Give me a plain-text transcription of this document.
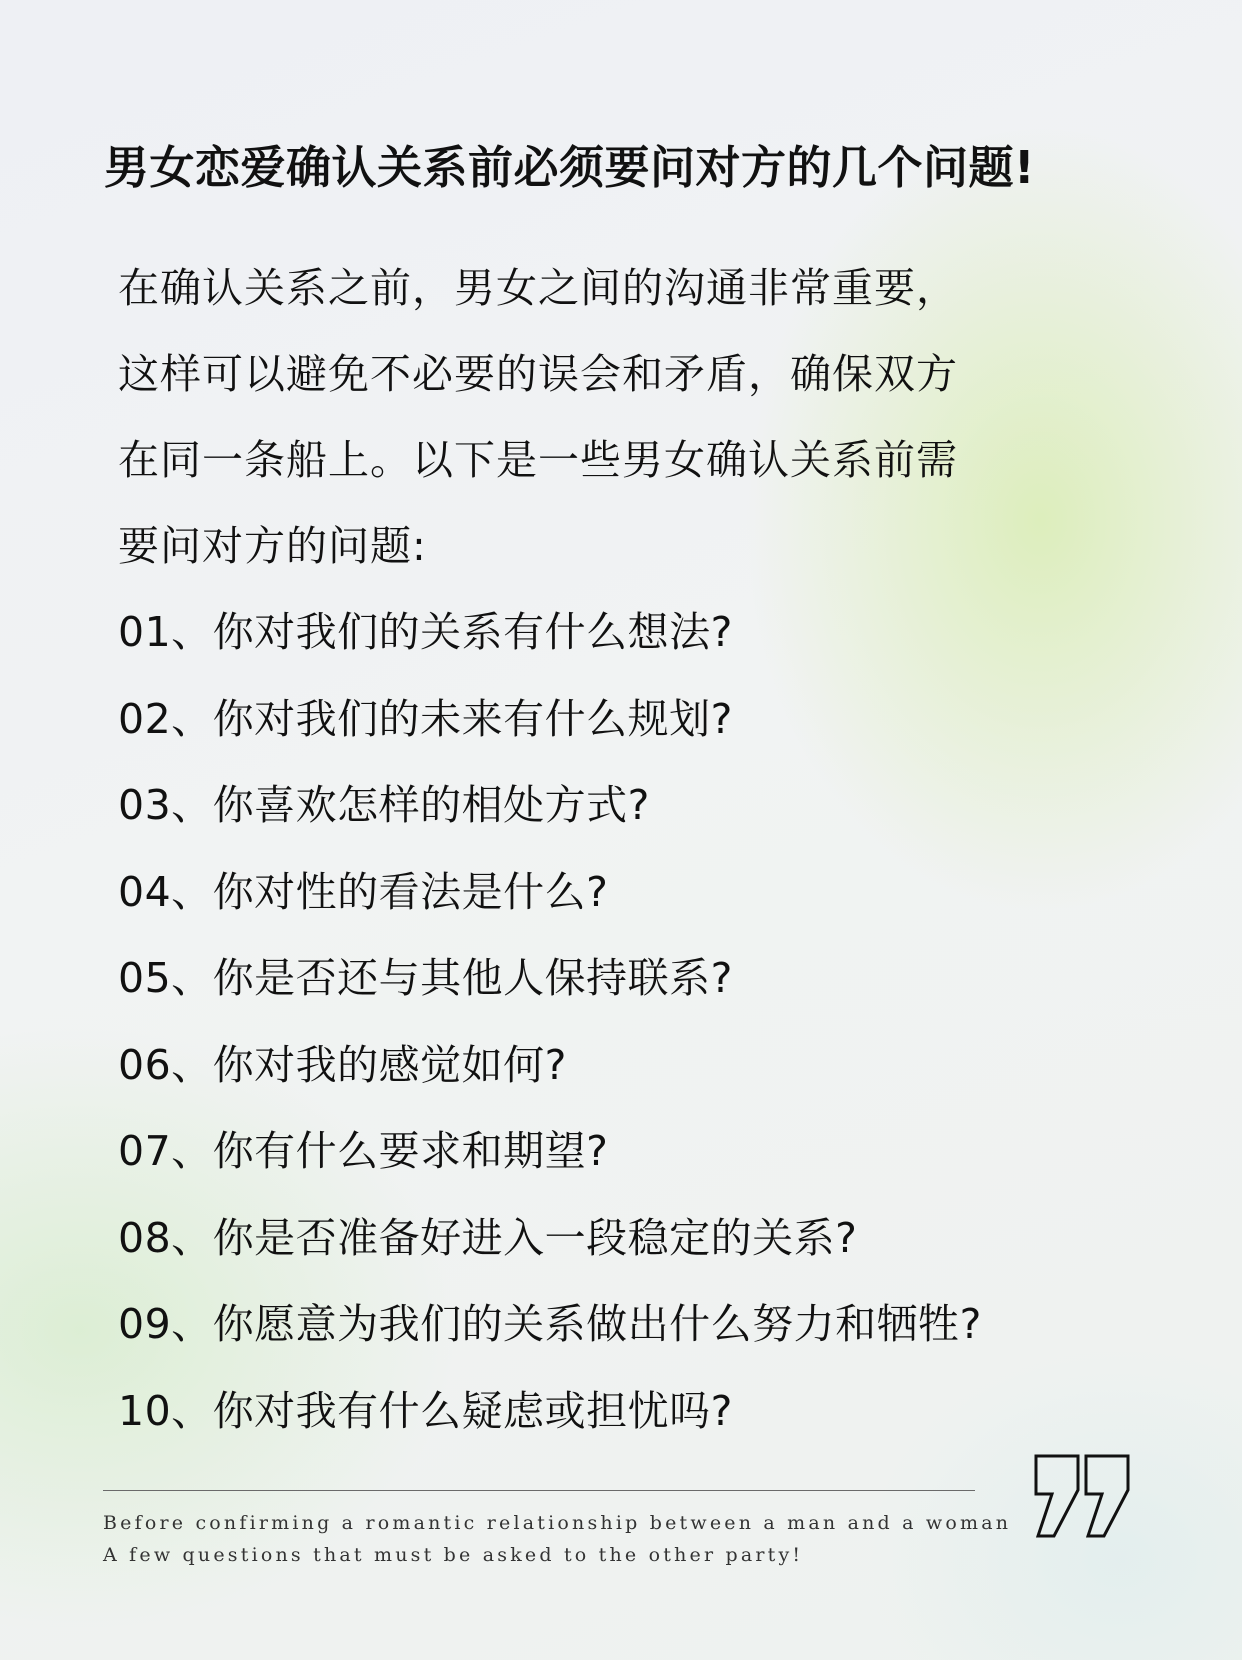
男女恋爱确认关系前必须要问对方的几个问题!

在确认关系之前，男女之间的沟通非常重要，
这样可以避免不必要的误会和矛盾，确保双方
在同一条船上。以下是一些男女确认关系前需
要问对方的问题:

01、你对我们的关系有什么想法?
02、你对我们的未来有什么规划?
03、你喜欢怎样的相处方式?
04、你对性的看法是什么?
05、你是否还与其他人保持联系?
06、你对我的感觉如何?
07、你有什么要求和期望?
08、你是否准备好进入一段稳定的关系?
09、你愿意为我们的关系做出什么努力和牺牲?
10、你对我有什么疑虑或担忧吗?
Before confirming a romantic relationship between a man and a woman
A few questions that must be asked to the other party!
